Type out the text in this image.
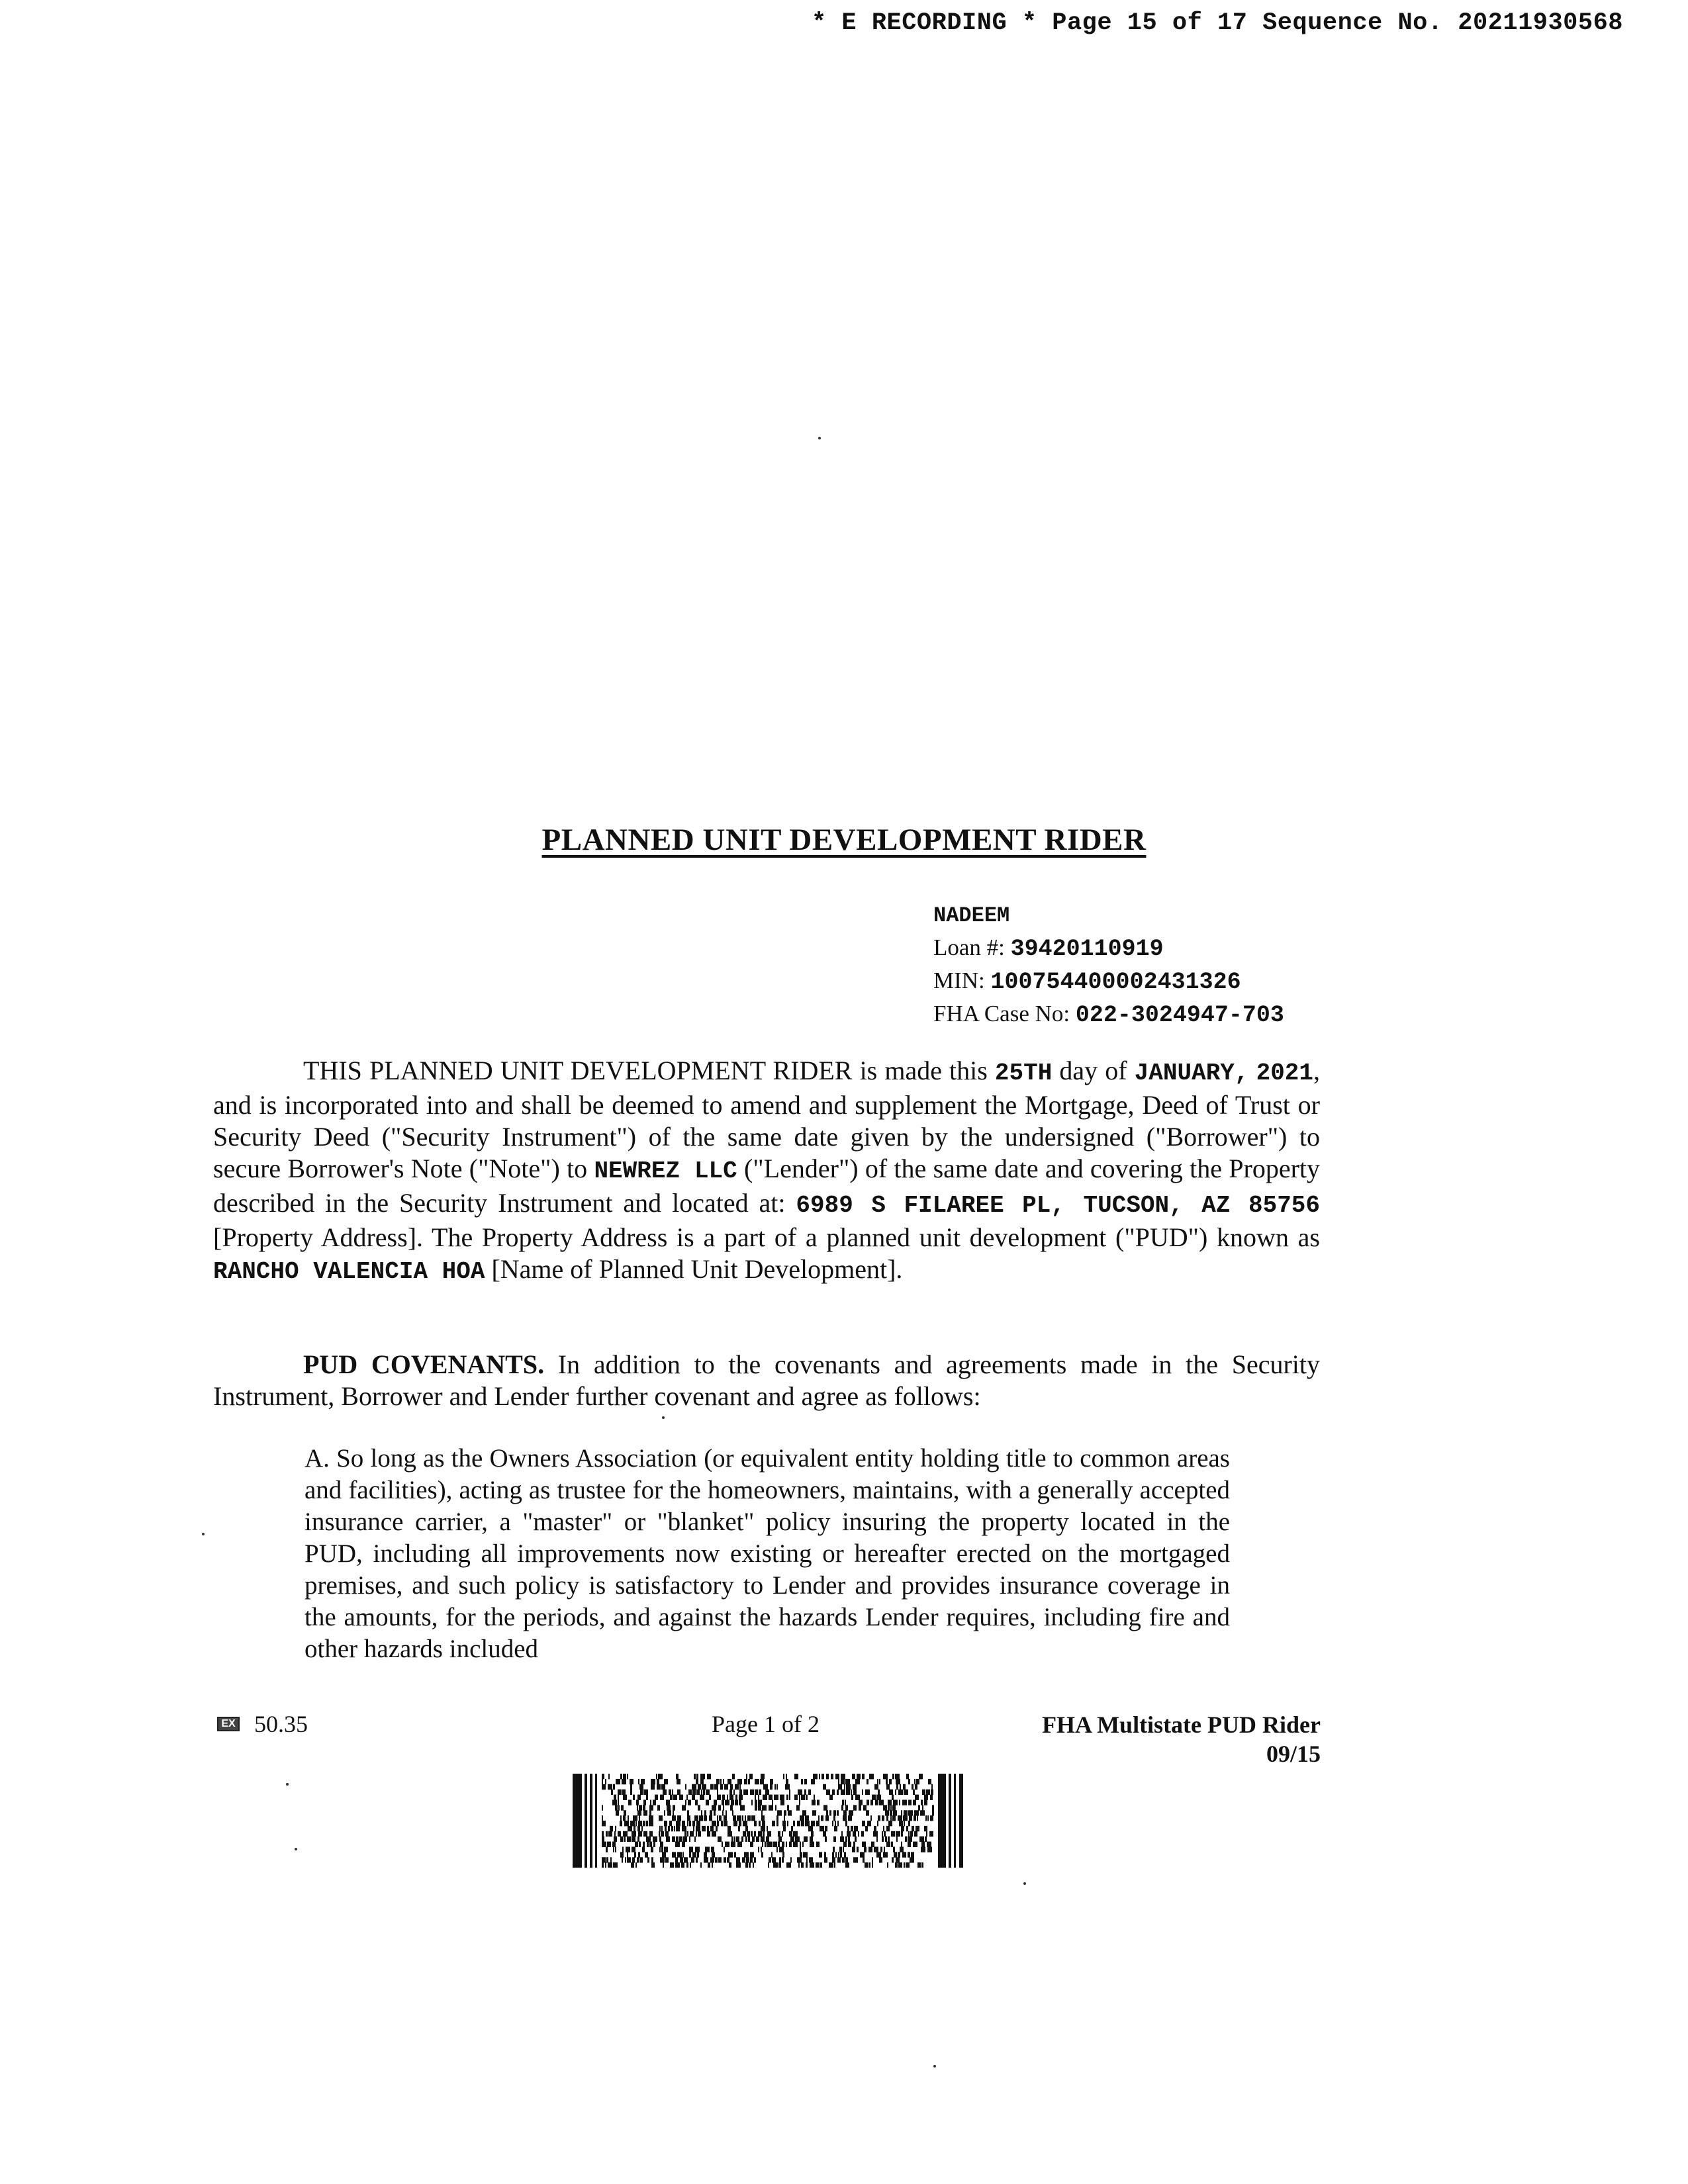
* E RECORDING * Page 15 of 17 Sequence No. 20211930568
PLANNED UNIT DEVELOPMENT RIDER
NADEEM
Loan #: 39420110919
MIN: 100754400002431326
FHA Case No: 022-3024947-703
THIS PLANNED UNIT DEVELOPMENT RIDER is made this 25TH day of JANUARY, 2021, and is incorporated into and shall be deemed to amend and supplement the Mortgage, Deed of Trust or Security Deed ("Security Instrument") of the same date given by the undersigned ("Borrower") to secure Borrower's Note ("Note") to NEWREZ LLC ("Lender") of the same date and covering the Property described in the Security Instrument and located at: 6989 S FILAREE PL, TUCSON, AZ 85756 [Property Address]. The Property Address is a part of a planned unit development ("PUD") known as RANCHO VALENCIA HOA [Name of Planned Unit Development].
PUD COVENANTS. In addition to the covenants and agreements made in the Security Instrument, Borrower and Lender further covenant and agree as follows:
A. So long as the Owners Association (or equivalent entity holding title to common areas and facilities), acting as trustee for the homeowners, maintains, with a generally accepted insurance carrier, a "master" or "blanket" policy insuring the property located in the PUD, including all improvements now existing or hereafter erected on the mortgaged premises, and such policy is satisfactory to Lender and provides insurance coverage in the amounts, for the periods, and against the hazards Lender requires, including fire and other hazards included
EX 50.35	Page 1 of 2	FHA Multistate PUD Rider
09/15
